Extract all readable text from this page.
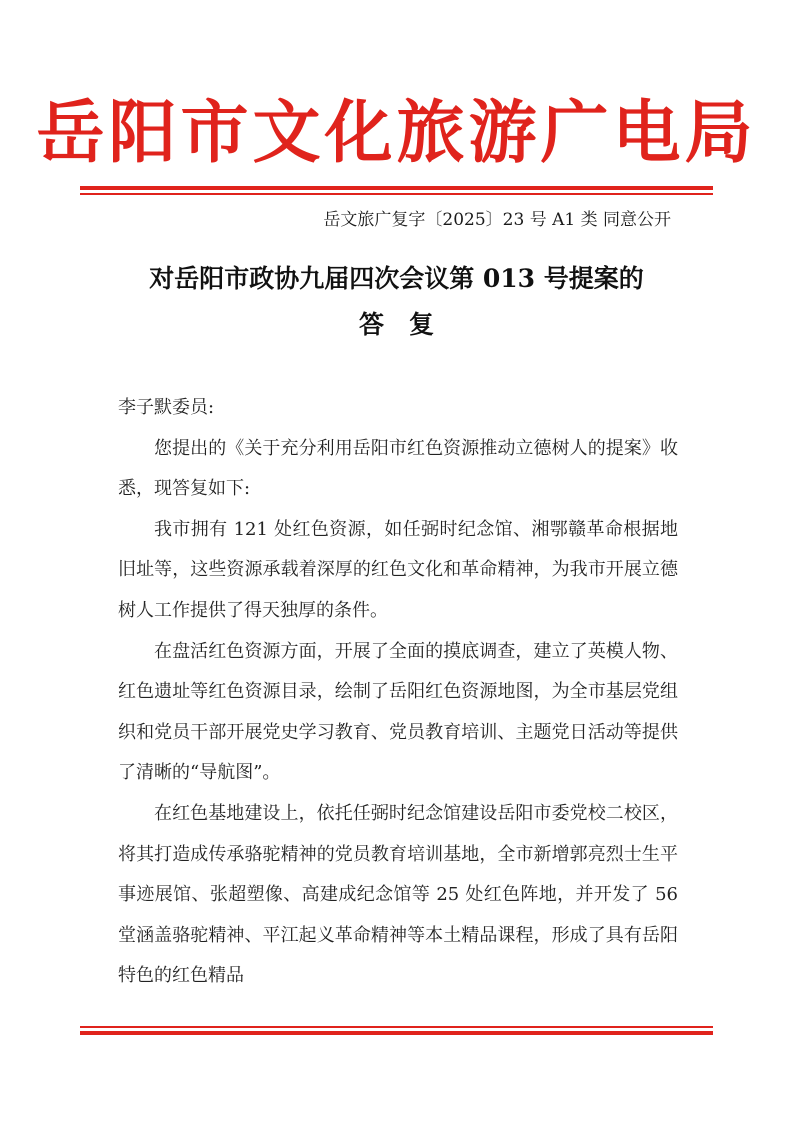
岳阳市文化旅游广电局
岳文旅广复字〔2025〕23 号 A1 类 同意公开
对岳阳市政协九届四次会议第 013 号提案的
答　复

李子默委员:

您提出的《关于充分利用岳阳市红色资源推动立德树人的提案》收悉，现答复如下:

我市拥有 121 处红色资源，如任弼时纪念馆、湘鄂赣革命根据地旧址等，这些资源承载着深厚的红色文化和革命精神，为我市开展立德树人工作提供了得天独厚的条件。

在盘活红色资源方面，开展了全面的摸底调查，建立了英模人物、红色遗址等红色资源目录，绘制了岳阳红色资源地图，为全市基层党组织和党员干部开展党史学习教育、党员教育培训、主题党日活动等提供了清晰的“导航图”。

在红色基地建设上，依托任弼时纪念馆建设岳阳市委党校二校区，将其打造成传承骆驼精神的党员教育培训基地，全市新增郭亮烈士生平事迹展馆、张超塑像、高建成纪念馆等 25 处红色阵地，并开发了 56 堂涵盖骆驼精神、平江起义革命精神等本土精品课程，形成了具有岳阳特色的红色精品
